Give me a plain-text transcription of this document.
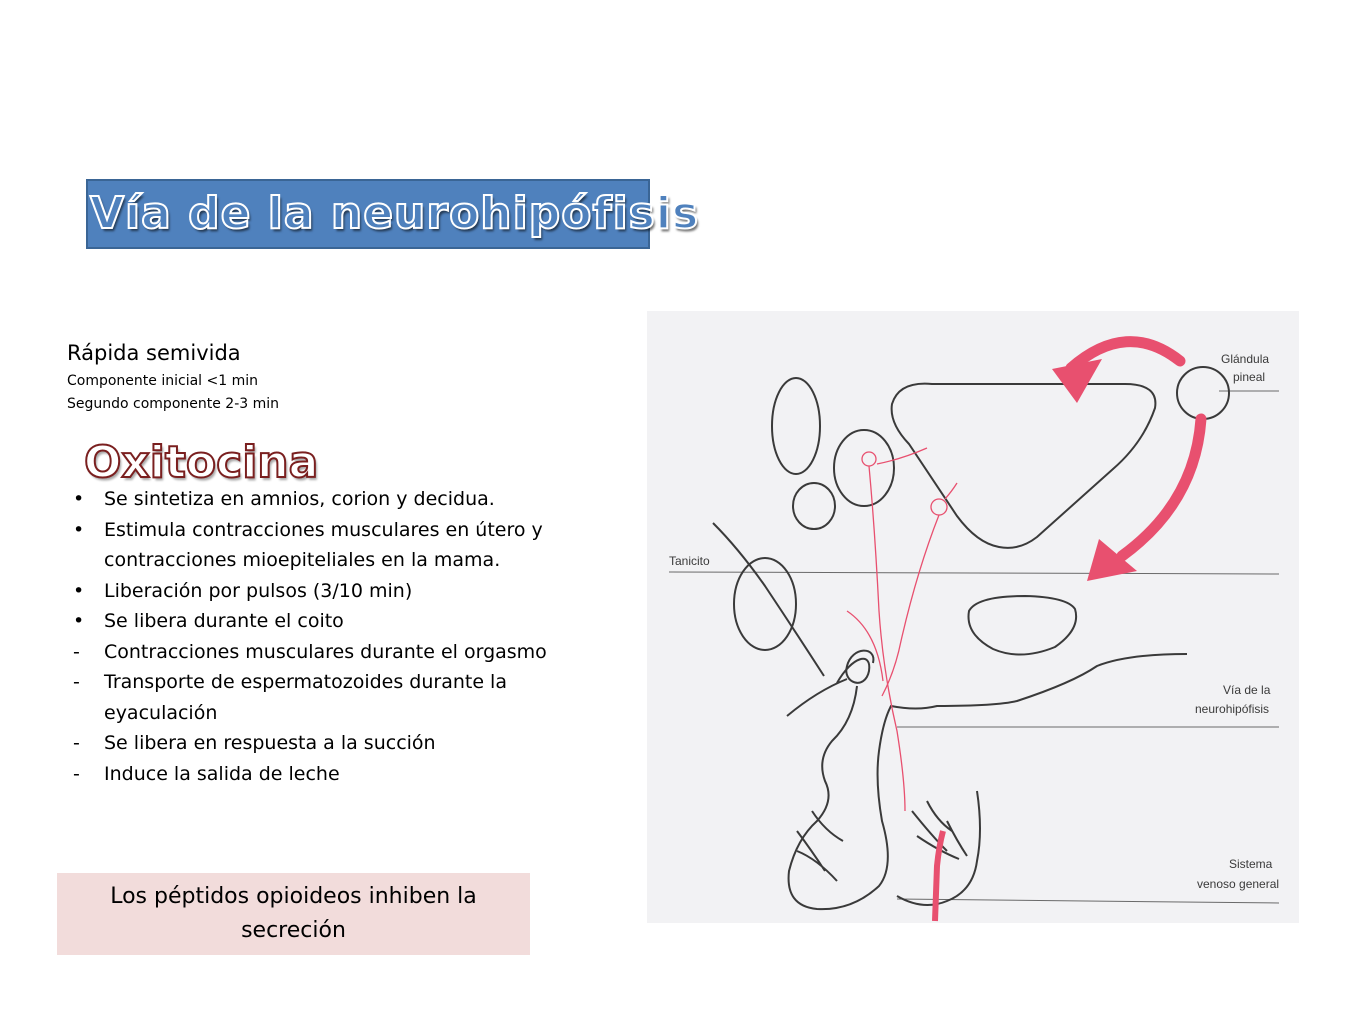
Vía de la neurohipófisis
Rápida semivida
Componente inicial <1 min
Segundo componente 2-3 min
Oxitocina
• Se sintetiza en amnios, corion y decidua.
• Estimula contracciones musculares en útero y contracciones mioepiteliales en la mama.
• Liberación por pulsos (3/10 min)
• Se libera durante el coito
- Contracciones musculares durante el orgasmo
- Transporte de espermatozoides durante la eyaculación
- Se libera en respuesta a la succión
- Induce la salida de leche
Los péptidos opioideos inhiben la secreción
Glándula
pineal
Tanicito
Vía de la
neurohipófisis
Sistema
venoso general
